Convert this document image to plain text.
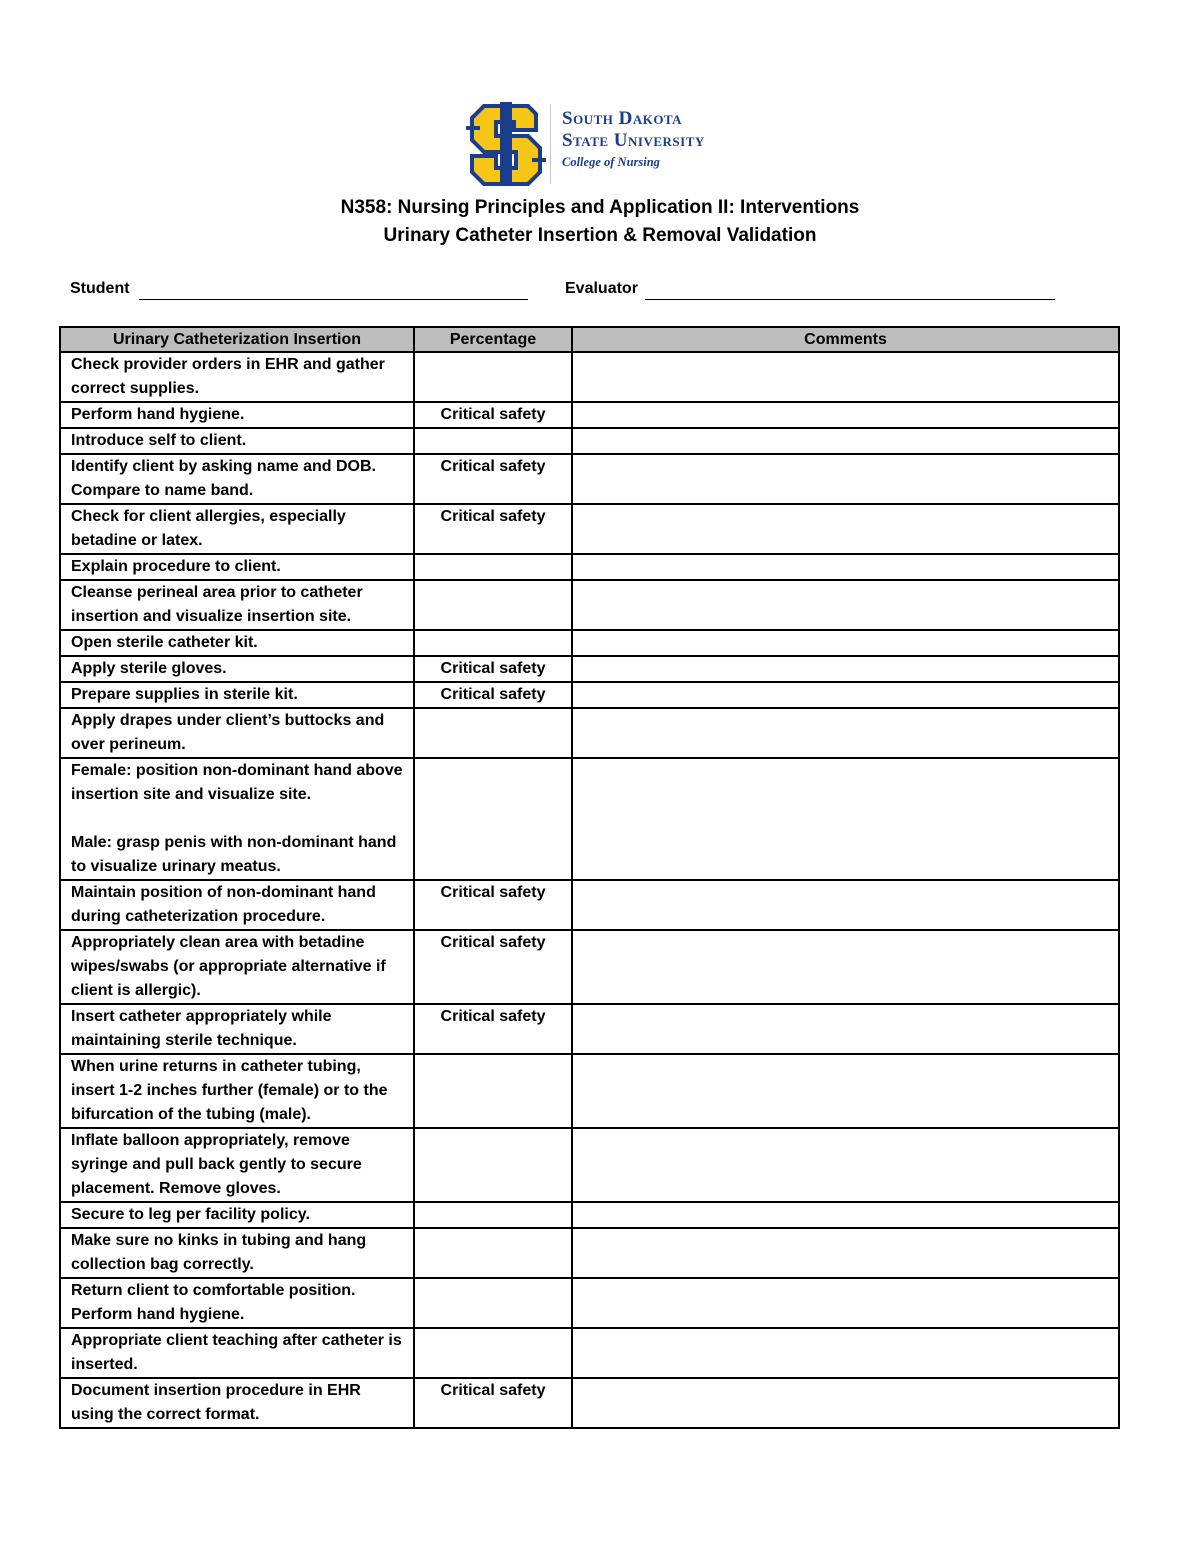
South Dakota
State University
College of Nursing
N358: Nursing Principles and Application II: Interventions
Urinary Catheter Insertion & Removal Validation
Student	Evaluator
Urinary Catheterization Insertion	Percentage	Comments
Check provider orders in EHR and gather correct supplies.		
Perform hand hygiene.	Critical safety	
Introduce self to client.		
Identify client by asking name and DOB. Compare to name band.	Critical safety	
Check for client allergies, especially betadine or latex.	Critical safety	
Explain procedure to client.		
Cleanse perineal area prior to catheter insertion and visualize insertion site.		
Open sterile catheter kit.		
Apply sterile gloves.	Critical safety	
Prepare supplies in sterile kit.	Critical safety	
Apply drapes under client’s buttocks and over perineum.		
Female: position non-dominant hand above insertion site and visualize site.

Male: grasp penis with non-dominant hand to visualize urinary meatus.		
Maintain position of non-dominant hand during catheterization procedure.	Critical safety	
Appropriately clean area with betadine wipes/swabs (or appropriate alternative if client is allergic).	Critical safety	
Insert catheter appropriately while maintaining sterile technique.	Critical safety	
When urine returns in catheter tubing, insert 1-2 inches further (female) or to the bifurcation of the tubing (male).		
Inflate balloon appropriately, remove syringe and pull back gently to secure placement. Remove gloves.		
Secure to leg per facility policy.		
Make sure no kinks in tubing and hang collection bag correctly.		
Return client to comfortable position. Perform hand hygiene.		
Appropriate client teaching after catheter is inserted.		
Document insertion procedure in EHR using the correct format.	Critical safety	
